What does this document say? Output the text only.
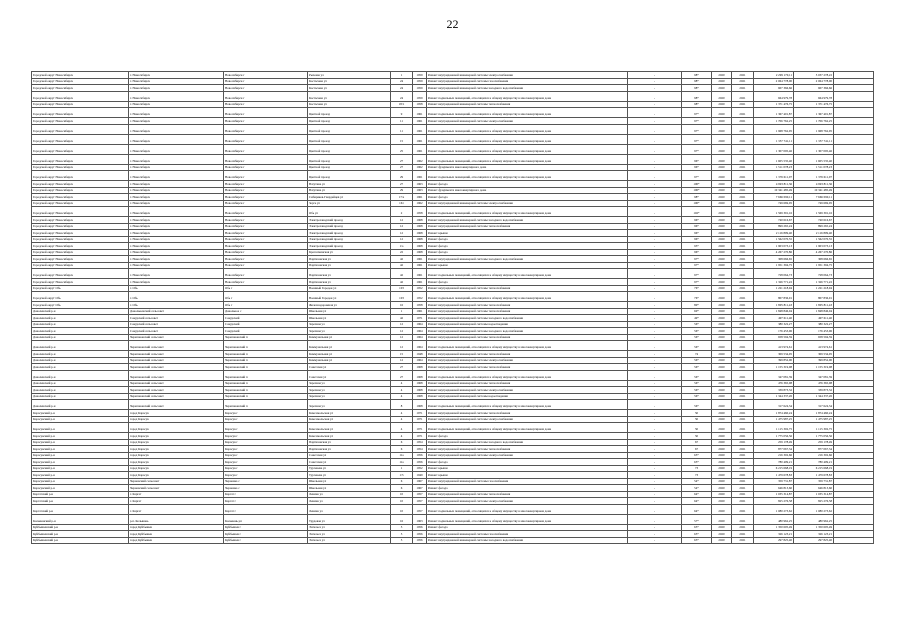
22
Городской округ Новосибирск	г. Новосибирск	Новосибирск г	Рылеева ул	1	1959	Ремонт внутридомовой инженерной системы электроснабжения	-	98*	2020	2021	2 299 170,11	5 037 278,22	
Городской округ Новосибирск	г. Новосибирск	Новосибирск г	Костычева ул	24	1959	Ремонт внутридомовой инженерной системы газоснабжения	-	98*	2020	2021	2 064 778,00	2 064 778,00	
Городской округ Новосибирск	г. Новосибирск	Новосибирск г	Костычева ул	24	1959	Ремонт внутридомовой инженерной системы холодного водоснабжения	-	98*	2020	2021	607 366,66	607 366,66	
Городской округ Новосибирск	г. Новосибирск	Новосибирск г	Костычева ул	24	1959	Ремонт подвальных помещений, относящихся к общему имуществу в многоквартирном доме	-	98*	2020	2021	664 979,78	664 979,78	
Городской округ Новосибирск	г. Новосибирск	Новосибирск г	Костычева ул	18/1	1958	Ремонт внутридомовой инженерной системы теплоснабжения	-	98*	2020	2021	1 371 476,75	1 371 476,75	
Городской округ Новосибирск	г. Новосибирск	Новосибирск г	Цветной проезд	9	1961	Ремонт подвальных помещений, относящихся к общему имуществу в многоквартирном доме	-	97*	2020	2021	1 367 401,87	1 367 401,87	
Городской округ Новосибирск	г. Новосибирск	Новосибирск г	Цветной проезд	11	1961	Ремонт внутридомовой инженерной системы электроснабжения	-	97*	2020	2021	1 706 762,25	1 706 762,25	
Городской округ Новосибирск	г. Новосибирск	Новосибирск г	Цветной проезд	11	1961	Ремонт подвальных помещений, относящихся к общему имуществу в многоквартирном доме	-	97*	2020	2021	1 968 762,95	1 968 762,95	
Городской округ Новосибирск	г. Новосибирск	Новосибирск г	Цветной проезд	15	1961	Ремонт подвальных помещений, относящихся к общему имуществу в многоквартирном доме	-	97*	2020	2021	1 357 741,11	1 357 741,11	
Городской округ Новосибирск	г. Новосибирск	Новосибирск г	Цветной проезд	25	1961	Ремонт подвальных помещений, относящихся к общему имуществу в многоквартирном доме	-	97*	2020	2021	1 307 095,46	1 307 095,46	
Городской округ Новосибирск	г. Новосибирск	Новосибирск г	Цветной проезд	27	1962	Ремонт подвальных помещений, относящихся к общему имуществу в многоквартирном доме	-	96*	2020	2021	1 605 535,40	1 605 535,40	
Городской округ Новосибирск	г. Новосибирск	Новосибирск г	Цветной проезд	27	1962	Ремонт фундамента многоквартирного дома	-	96*	2020	2021	1 511 078,23	1 511 078,23	
Городской округ Новосибирск	г. Новосибирск	Новосибирск г	Цветной проезд	29	1961	Ремонт подвальных помещений, относящихся к общему имуществу в многоквартирном доме	-	97*	2020	2021	1 376 611,07	1 376 611,07	
Городской округ Новосибирск	г. Новосибирск	Новосибирск г	Ватутина ул	27	1963	Ремонт фасада	-	100*	2020	2021	4 993 811,36	4 993 811,36	
Городской округ Новосибирск	г. Новосибирск	Новосибирск г	Ватутина ул	29	1963	Ремонт фундамента многоквартирного дома	-	100*	2020	2021	10 341 485,49	10 341 485,49	
Городской округ Новосибирск	г. Новосибирск	Новосибирск г	Сибиряков-Гвардейцев ул	17/а	1961	Ремонт фасада	-	98*	2020	2021	7 666 090,11	7 666 090,11	
Городской округ Новосибирск	г. Новосибирск	Новосибирск г	Зорге ул	161	1962	Ремонт внутридомовой инженерной системы электроснабжения	-	100*	2020	2021	749 669,05	749 669,05	
Городской округ Новосибирск	г. Новосибирск	Новосибирск г	Обь ул	2	1958	Ремонт подвальных помещений, относящихся к общему имуществу в многоквартирном доме	-	102*	2020	2021	1 569 391,16	1 569 391,16	
Городской округ Новосибирск	г. Новосибирск	Новосибирск г	Электрозаводский проезд	12	1968	Ремонт внутридомовой инженерной системы холодного водоснабжения	-	96*	2020	2021	740 616,67	740 616,67	
Городской округ Новосибирск	г. Новосибирск	Новосибирск г	Электрозаводский проезд	12	1968	Ремонт внутридомовой инженерной системы теплоснабжения	-	96*	2020	2021	899 265,24	899 265,24	
Городской округ Новосибирск	г. Новосибирск	Новосибирск г	Электрозаводский проезд	12	1968	Ремонт крыши	-	96*	2020	2021	2 116 809,40	2 116 809,40	
Городской округ Новосибирск	г. Новосибирск	Новосибирск г	Электрозаводский проезд	12	1968	Ремонт фасада	-	96*	2020	2021	1 562 070,55	1 562 070,55	
Городской округ Новосибирск	г. Новосибирск	Новосибирск г	Электрозаводский проезд	1/а	1968	Ремонт фасада	-	95*	2020	2021	1 903 073,13	1 903 073,13	
Городской округ Новосибирск	г. Новосибирск	Новосибирск г	Кропоткинская ул	22	1968	Ремонт фасада	-	96*	2020	2021	4 267 270,86	4 267 270,86	
Городской округ Новосибирск	г. Новосибирск	Новосибирск г	Партизанская ул	42	1961	Ремонт внутридомовой инженерной системы холодного водоснабжения	-	97*	2020	2021	308 666,65	308 666,65	
Городской округ Новосибирск	г. Новосибирск	Новосибирск г	Партизанская ул	42	1961	Ремонт крыши	-	97*	2020	2021	1 951 394,75	1 951 394,75	
Городской округ Новосибирск	г. Новосибирск	Новосибирск г	Партизанская ул	42	1961	Ремонт подвальных помещений, относящихся к общему имуществу в многоквартирном доме	-	97*	2020	2021	728 064,73	728 064,73	
Городской округ Новосибирск	г. Новосибирск	Новосибирск г	Партизанская ул	42	1961	Ремонт фасада	-	97*	2020	2021	1 326 771,22	1 326 771,22	
Городской округ Обь	г. Обь	Обь г	Военный Городок ул	103	1952	Ремонт внутридомовой инженерной системы теплоснабжения	-	76*	2020	2021	1 221 218,94	1 221 218,94	
Городской округ Обь	г. Обь	Обь г	Военный Городок ул	103	1952	Ремонт подвальных помещений, относящихся к общему имуществу в многоквартирном доме	-	76*	2020	2021	807 836,91	807 836,91	
Городской округ Обь	г. Обь	Обь г	Железнодорожная ул	16	1958	Ремонт внутридомовой инженерной системы теплоснабжения	-	80*	2020	2021	1 805 811,43	1 805 811,43	
Доволенский р-н	Довольненский сельсовет	Довольное с	Школьная ул	1	1961	Ремонт внутридомовой инженерной системы теплоснабжения	-	60*	2020	2021	1 848 846,04	1 848 846,04	
Доволенский р-н	Сокурский сельсовет	Сокурский	Школьная ул	42	1971	Ремонт внутридомовой инженерной системы холодного водоснабжения	-	49*	2020	2021	497 611,40	497 611,40	
Доволенский р-н	Сокурский сельсовет	Сокурский	Заречная ул	12	1964	Ремонт внутридомовой инженерной системы водоотведения	-	56*	2020	2021	380 322,27	380 322,27	
Доволенский р-н	Сокурский сельсовет	Сокурский	Заречная ул	12	1964	Ремонт внутридомовой инженерной системы холодного водоснабжения	-	56*	2020	2021	176 453,96	176 453,96	
Доволенский р-н	Черепановский сельсовет	Черепановский п	Коммунальная ул	12	1964	Ремонт внутридомовой инженерной системы теплоснабжения	-	56*	2020	2021	658 594,59	658 594,59	
Доволенский р-н	Черепановский сельсовет	Черепановский п	Коммунальная ул	12	1964	Ремонт подвальных помещений, относящихся к общему имуществу в многоквартирном доме	-	56*	2020	2021	413 974,61	413 974,61	
Доволенский р-н	Черепановский сельсовет	Черепановский п	Коммунальная ул	15	1948	Ремонт внутридомовой инженерной системы теплоснабжения	-	74	2020	2021	309 534,95	309 534,95	
Доволенский р-н	Черепановский сельсовет	Черепановский п	Коммунальная ул	12	1964	Ремонт внутридомовой инженерной системы электроснабжения	-	56*	2020	2021	399 852,00	399 852,00	
Доволенский р-н	Черепановский сельсовет	Черепановский п	Советская ул	27	1968	Ремонт внутридомовой инженерной системы теплоснабжения	-	56*	2020	2021	1 155 319,08	1 155 319,08	
Доволенский р-н	Черепановский сельсовет	Черепановский п	Советская ул	27	1968	Ремонт подвальных помещений, относящихся к общему имуществу в многоквартирном доме	-	56*	2020	2021	347 081,39	347 081,39	
Доволенский р-н	Черепановский сельсовет	Черепановский п	Заречная ул	4	1968	Ремонт внутридомовой инженерной системы теплоснабжения	-	56*	2020	2021	476 365,08	476 365,08	
Доволенский р-н	Черепановский сельсовет	Черепановский п	Заречная ул	4	1968	Ремонт внутридомовой инженерной системы электроснабжения	-	56*	2020	2021	339 873,32	339 873,32	
Доволенский р-н	Черепановский сельсовет	Черепановский п	Заречная ул	4	1968	Ремонт внутридомовой инженерной системы водоотведения	-	56*	2020	2021	1 344 337,26	1 344 337,26	
Доволенский р-н	Черепановский сельсовет	Черепановский п	Заречная ул	8	1968	Ремонт подвальных помещений, относящихся к общему имуществу в многоквартирном доме	-	56*	2020	2021	317 624,34	317 624,34	
Карасукский р-н	город Карасук	Карасук г	Комсомольская ул	4	1971	Ремонт внутридомовой инженерной системы теплоснабжения	-	50	2020	2021	1 874 460,24	1 874 460,24	
Карасукский р-н	город Карасук	Карасук г	Комсомольская ул	4	1971	Ремонт внутридомовой инженерной системы электроснабжения	-	50	2020	2021	1 475 987,25	1 475 987,25	
Карасукский р-н	город Карасук	Карасук г	Комсомольская ул	4	1971	Ремонт подвальных помещений, относящихся к общему имуществу в многоквартирном доме	-	50	2020	2021	1 115 302,75	1 115 302,75	
Карасукский р-н	город Карасук	Карасук г	Комсомольская ул	4	1971	Ремонт фасада	-	50	2020	2021	1 775 056,56	1 775 056,56	
Карасукский р-н	город Карасук	Карасук г	Партизанская ул	6	1954	Ремонт внутридомовой инженерной системы холодного водоснабжения	-	67	2020	2021	259 178,49	259 178,49	
Карасукский р-н	город Карасук	Карасук г	Партизанская ул	6	1954	Ремонт внутридомовой инженерной системы теплоснабжения	-	67	2020	2021	877 067,34	877 067,34	
Карасукский р-н	город Карасук	Карасук г	Советская ул	11а	1956	Ремонт внутридомовой инженерной системы электроснабжения	-	65*	2020	2021	216 302,66	216 302,66	
Карасукский р-н	город Карасук	Карасук г	Советская ул	11а	1956	Ремонт фасада	-	65*	2020	2021	780 409,21	780 409,21	
Карасукский р-н	город Карасук	Карасук г	Тургенева ул	1	1952	Ремонт крыши	-	73	2020	2021	6 215 668,19	6 215 668,19	
Карасукский р-н	город Карасук	Карасук г	Тургенева ул	1/3	1949	Ремонт крыши	-	73	2020	2021	1 479 678,83	1 479 678,83	
Карасукский р-н	Черновский сельсовет	Черновка с	Школьная ул	6	1967	Ремонт внутридомовой инженерной системы газоснабжения	-	54*	2020	2021	359 731,87	359 731,87	
Карасукский р-н	Черновский сельсовет	Черновка с	Школьная ул	6	1967	Ремонт фасада	-	54*	2020	2021	646 813,60	646 813,60	
Каргатский р-н	г. Каргат	Каргат г	Ленина ул	10	1957	Ремонт внутридомовой инженерной системы теплоснабжения	-	64*	2020	2021	1 035 314,87	1 035 314,87	
Каргатский р-н	г. Каргат	Каргат г	Ленина ул	10	1957	Ремонт внутридомовой инженерной системы электроснабжения	-	64*	2020	2021	825 276,58	825 276,58	
Каргатский р-н	г. Каргат	Каргат г	Ленина ул	10	1957	Ремонт подвальных помещений, относящихся к общему имуществу в многоквартирном доме	-	64*	2020	2021	1 080 273,62	1 080 273,62	
Колыванский р-н	р.п. Колывань	Колывань рп	Трудовая ул	16	1963	Ремонт подвальных помещений, относящихся к общему имуществу в многоквартирном доме	-	57*	2020	2021	480 962,25	480 962,25	
Куйбышевский р-н	город Куйбышев	Куйбышев г	Энгельса ул	5	1956	Ремонт фасада	-	65*	2020	2021	1 350 605,49	1 350 605,49	
Куйбышевский р-н	город Куйбышев	Куйбышев г	Энгельса ул	5	1956	Ремонт внутридомовой инженерной системы газоснабжения	-	65*	2020	2021	326 123,21	326 123,21	
Куйбышевский р-н	город Куйбышев	Куйбышев г	Энгельса ул	5	1956	Ремонт внутридомовой инженерной системы холодного водоснабжения	-	65*	2020	2021	297 825,40	297 825,40	
